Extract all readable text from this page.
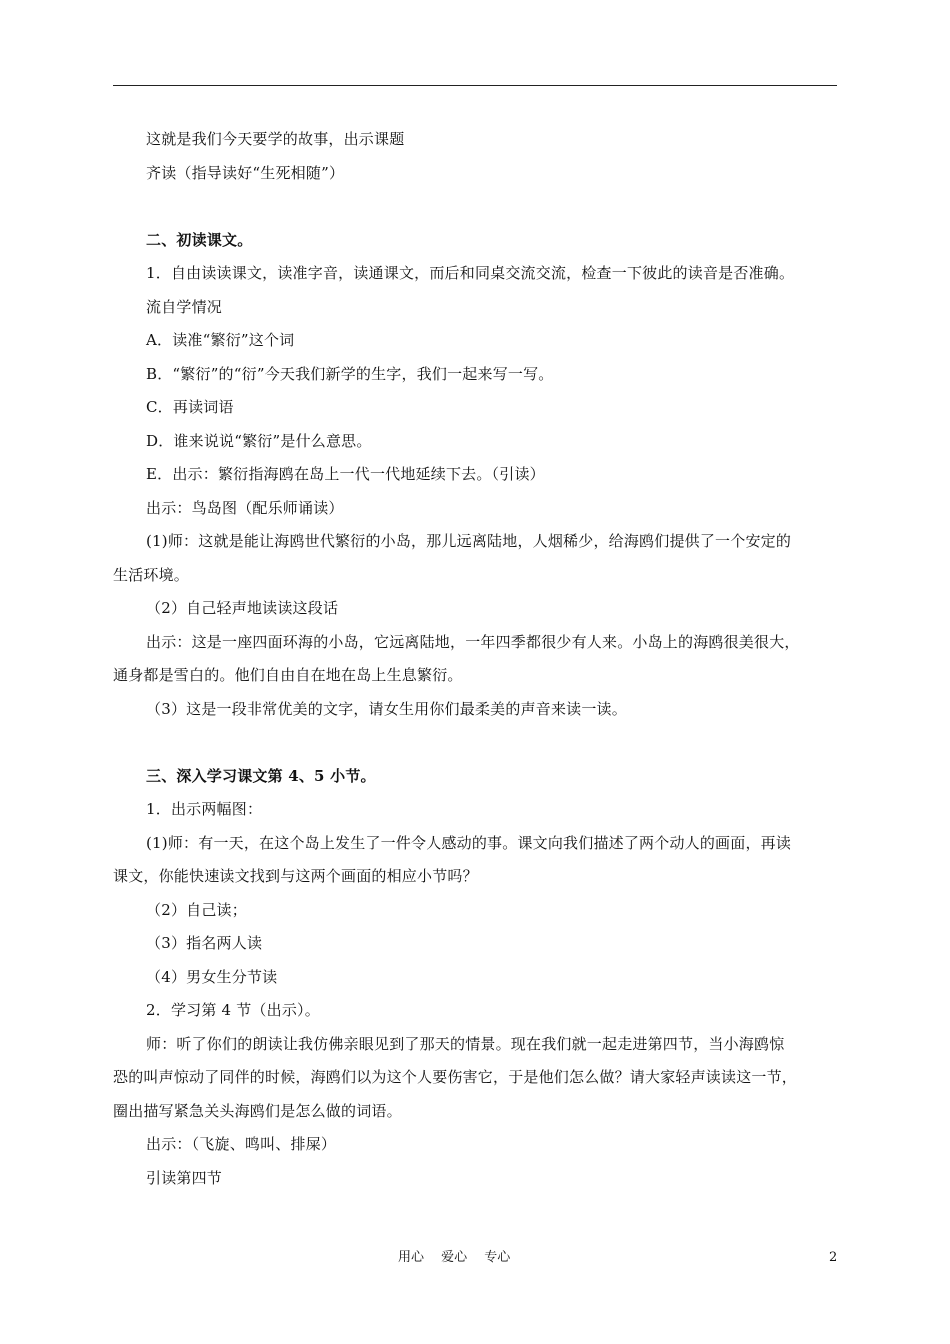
这就是我们今天要学的故事，出示课题
齐读（指导读好“生死相随”）
二、初读课文。
1．自由读读课文，读准字音，读通课文，而后和同桌交流交流，检查一下彼此的读音是否准确。
流自学情况
A．读准“繁衍”这个词
B．“繁衍”的“衍”今天我们新学的生字，我们一起来写一写。
C．再读词语
D．谁来说说“繁衍”是什么意思。
E．出示：繁衍指海鸥在岛上一代一代地延续下去。（引读）
出示：鸟岛图（配乐师诵读）
(1)师：这就是能让海鸥世代繁衍的小岛，那儿远离陆地，人烟稀少，给海鸥们提供了一个安定的
生活环境。
（2）自己轻声地读读这段话
出示：这是一座四面环海的小岛，它远离陆地，一年四季都很少有人来。小岛上的海鸥很美很大，
通身都是雪白的。他们自由自在地在岛上生息繁衍。
（3）这是一段非常优美的文字，请女生用你们最柔美的声音来读一读。
三、深入学习课文第 4、5 小节。
1．出示两幅图：
(1)师：有一天，在这个岛上发生了一件令人感动的事。课文向我们描述了两个动人的画面，再读
课文，你能快速读文找到与这两个画面的相应小节吗？
（2）自己读；
（3）指名两人读
（4）男女生分节读
2．学习第 4 节（出示）。
师：听了你们的朗读让我仿佛亲眼见到了那天的情景。现在我们就一起走进第四节，当小海鸥惊
恐的叫声惊动了同伴的时候，海鸥们以为这个人要伤害它，于是他们怎么做？请大家轻声读读这一节，
圈出描写紧急关头海鸥们是怎么做的词语。
出示：（飞旋、鸣叫、排屎）
引读第四节
用心　 爱心　 专心	2
